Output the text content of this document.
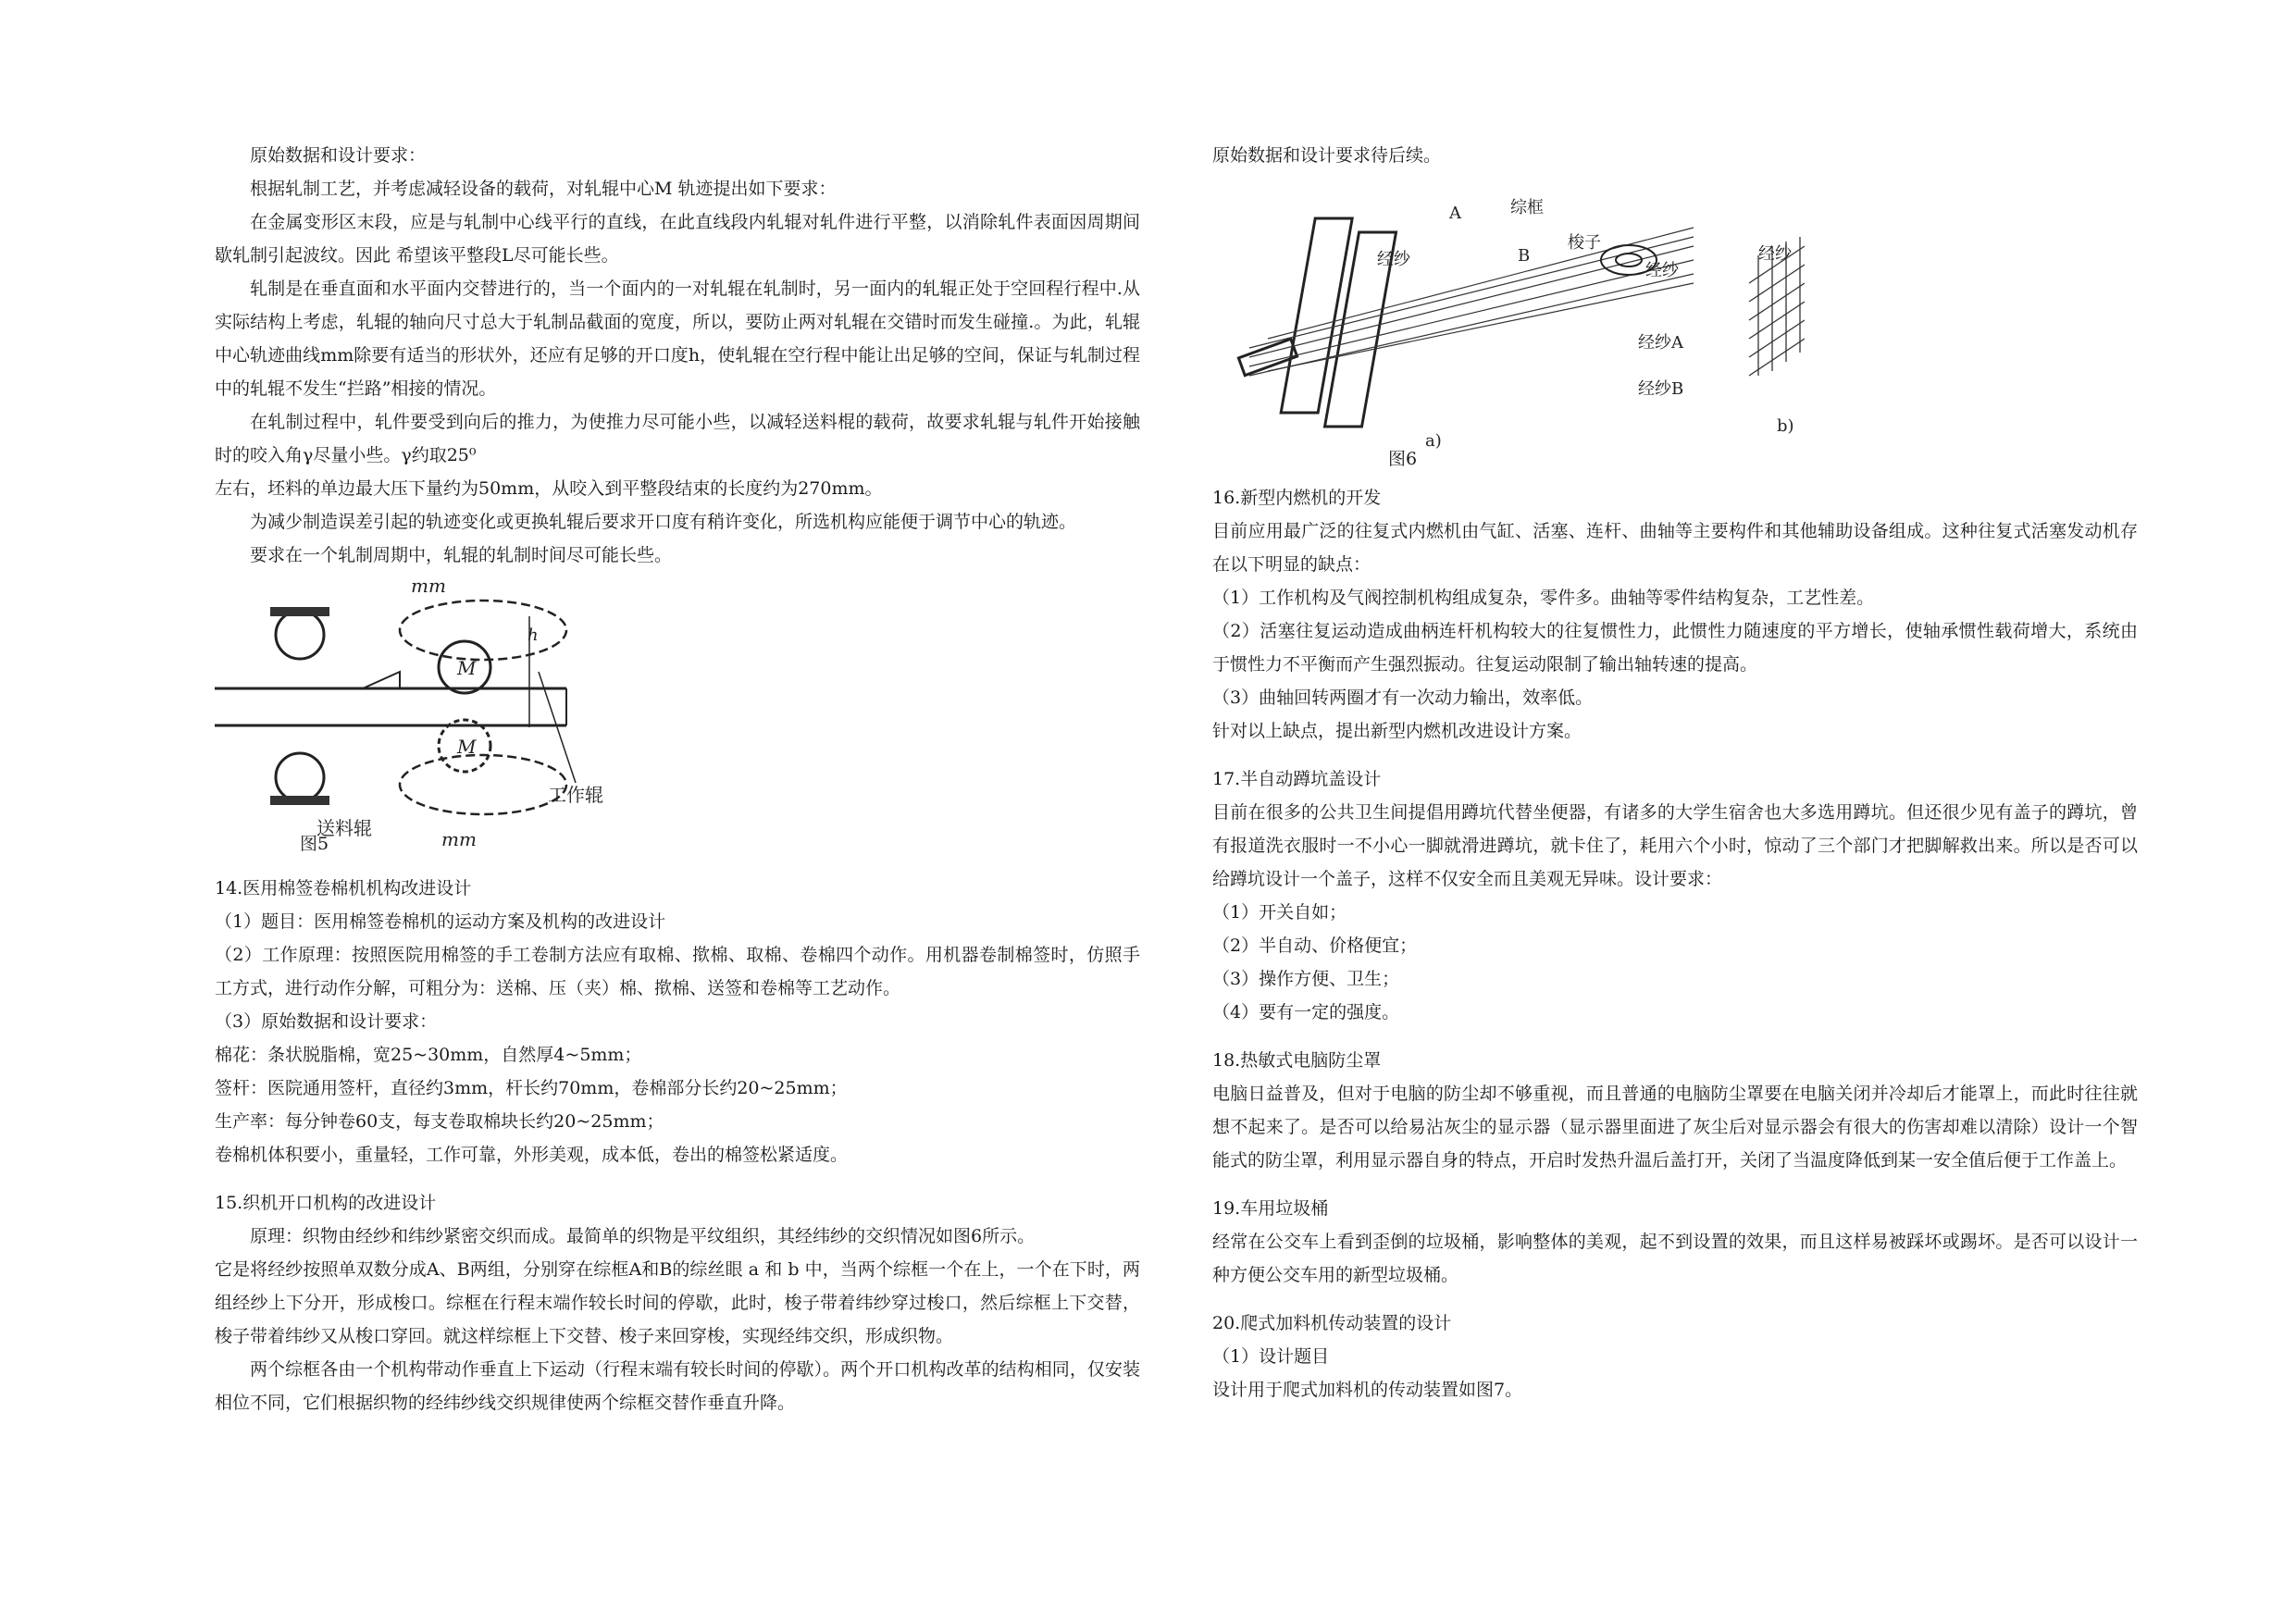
原始数据和设计要求：

根据轧制工艺，并考虑减轻设备的载荷，对轧辊中心M 轨迹提出如下要求：

在金属变形区末段，应是与轧制中心线平行的直线，在此直线段内轧辊对轧件进行平整，以消除轧件表面因周期间歇轧制引起波纹。因此 希望该平整段L尽可能长些。

轧制是在垂直面和水平面内交替进行的，当一个面内的一对轧辊在轧制时，另一面内的轧辊正处于空回程行程中.从实际结构上考虑，轧辊的轴向尺寸总大于轧制品截面的宽度，所以，要防止两对轧辊在交错时而发生碰撞.。为此，轧辊中心轨迹曲线mm除要有适当的形状外，还应有足够的开口度h，使轧辊在空行程中能让出足够的空间，保证与轧制过程中的轧辊不发生“拦路”相接的情况。

在轧制过程中，轧件要受到向后的推力，为使推力尽可能小些，以减轻送料棍的载荷，故要求轧辊与轧件开始接触时的咬入角γ尽量小些。γ约取25⁰

左右，坯料的单边最大压下量约为50mm，从咬入到平整段结束的长度约为270mm。

为减少制造误差引起的轨迹变化或更换轧辊后要求开口度有稍许变化，所选机构应能便于调节中心的轨迹。

要求在一个轧制周期中，轧辊的轧制时间尽可能长些。

mm
mm
h
M
M
送料辊
工作辊
图5

14.医用棉签卷棉机机构改进设计

（1）题目：医用棉签卷棉机的运动方案及机构的改进设计

（2）工作原理：按照医院用棉签的手工卷制方法应有取棉、揿棉、取棉、卷棉四个动作。用机器卷制棉签时，仿照手工方式，进行动作分解，可粗分为：送棉、压（夹）棉、揿棉、送签和卷棉等工艺动作。

（3）原始数据和设计要求：

棉花：条状脱脂棉，宽25~30mm，自然厚4~5mm；

签杆：医院通用签杆，直径约3mm，杆长约70mm，卷棉部分长约20~25mm；

生产率：每分钟卷60支，每支卷取棉块长约20~25mm；

卷棉机体积要小，重量轻，工作可靠，外形美观，成本低，卷出的棉签松紧适度。

15.织机开口机构的改进设计

原理：织物由经纱和纬纱紧密交织而成。最简单的织物是平纹组织，其经纬纱的交织情况如图6所示。

它是将经纱按照单双数分成A、B两组，分别穿在综框A和B的综丝眼 a 和 b 中，当两个综框一个在上，一个在下时，两组经纱上下分开，形成梭口。综框在行程末端作较长时间的停歇，此时，梭子带着纬纱穿过梭口，然后综框上下交替，梭子带着纬纱又从梭口穿回。就这样综框上下交替、梭子来回穿梭，实现经纬交织，形成织物。

两个综框各由一个机构带动作垂直上下运动（行程末端有较长时间的停歇）。两个开口机构改革的结构相同，仅安装相位不同，它们根据织物的经纬纱线交织规律使两个综框交替作垂直升降。

原始数据和设计要求待后续。

A
B
综框
梭子
经纱
经纱
经纱
经纱A
经纱B
a)
b)
图6

16.新型内燃机的开发

目前应用最广泛的往复式内燃机由气缸、活塞、连杆、曲轴等主要构件和其他辅助设备组成。这种往复式活塞发动机存在以下明显的缺点：

（1）工作机构及气阀控制机构组成复杂，零件多。曲轴等零件结构复杂，工艺性差。

（2）活塞往复运动造成曲柄连杆机构较大的往复惯性力，此惯性力随速度的平方增长，使轴承惯性载荷增大，系统由于惯性力不平衡而产生强烈振动。往复运动限制了输出轴转速的提高。

（3）曲轴回转两圈才有一次动力输出，效率低。

针对以上缺点，提出新型内燃机改进设计方案。

17.半自动蹲坑盖设计

目前在很多的公共卫生间提倡用蹲坑代替坐便器，有诸多的大学生宿舍也大多选用蹲坑。但还很少见有盖子的蹲坑，曾有报道洗衣服时一不小心一脚就滑进蹲坑，就卡住了，耗用六个小时，惊动了三个部门才把脚解救出来。所以是否可以给蹲坑设计一个盖子，这样不仅安全而且美观无异味。设计要求：

（1）开关自如；

（2）半自动、价格便宜；

（3）操作方便、卫生；

（4）要有一定的强度。

18.热敏式电脑防尘罩

电脑日益普及，但对于电脑的防尘却不够重视，而且普通的电脑防尘罩要在电脑关闭并冷却后才能罩上，而此时往往就想不起来了。是否可以给易沾灰尘的显示器（显示器里面进了灰尘后对显示器会有很大的伤害却难以清除）设计一个智能式的防尘罩，利用显示器自身的特点，开启时发热升温后盖打开，关闭了当温度降低到某一安全值后便于工作盖上。

19.车用垃圾桶

经常在公交车上看到歪倒的垃圾桶，影响整体的美观，起不到设置的效果，而且这样易被踩坏或踢坏。是否可以设计一种方便公交车用的新型垃圾桶。

20.爬式加料机传动装置的设计

（1）设计题目

设计用于爬式加料机的传动装置如图7。
